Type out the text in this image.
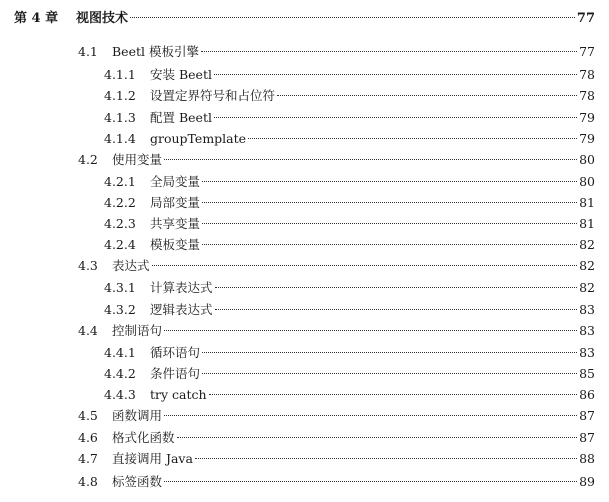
第 4 章	视图技术	77
4.1	Beetl 模板引擎	77
4.1.1	安装 Beetl	78
4.1.2	设置定界符号和占位符	78
4.1.3	配置 Beetl	79
4.1.4	groupTemplate	79
4.2	使用变量	80
4.2.1	全局变量	80
4.2.2	局部变量	81
4.2.3	共享变量	81
4.2.4	模板变量	82
4.3	表达式	82
4.3.1	计算表达式	82
4.3.2	逻辑表达式	83
4.4	控制语句	83
4.4.1	循环语句	83
4.4.2	条件语句	85
4.4.3	try catch	86
4.5	函数调用	87
4.6	格式化函数	87
4.7	直接调用 Java	88
4.8	标签函数	89
